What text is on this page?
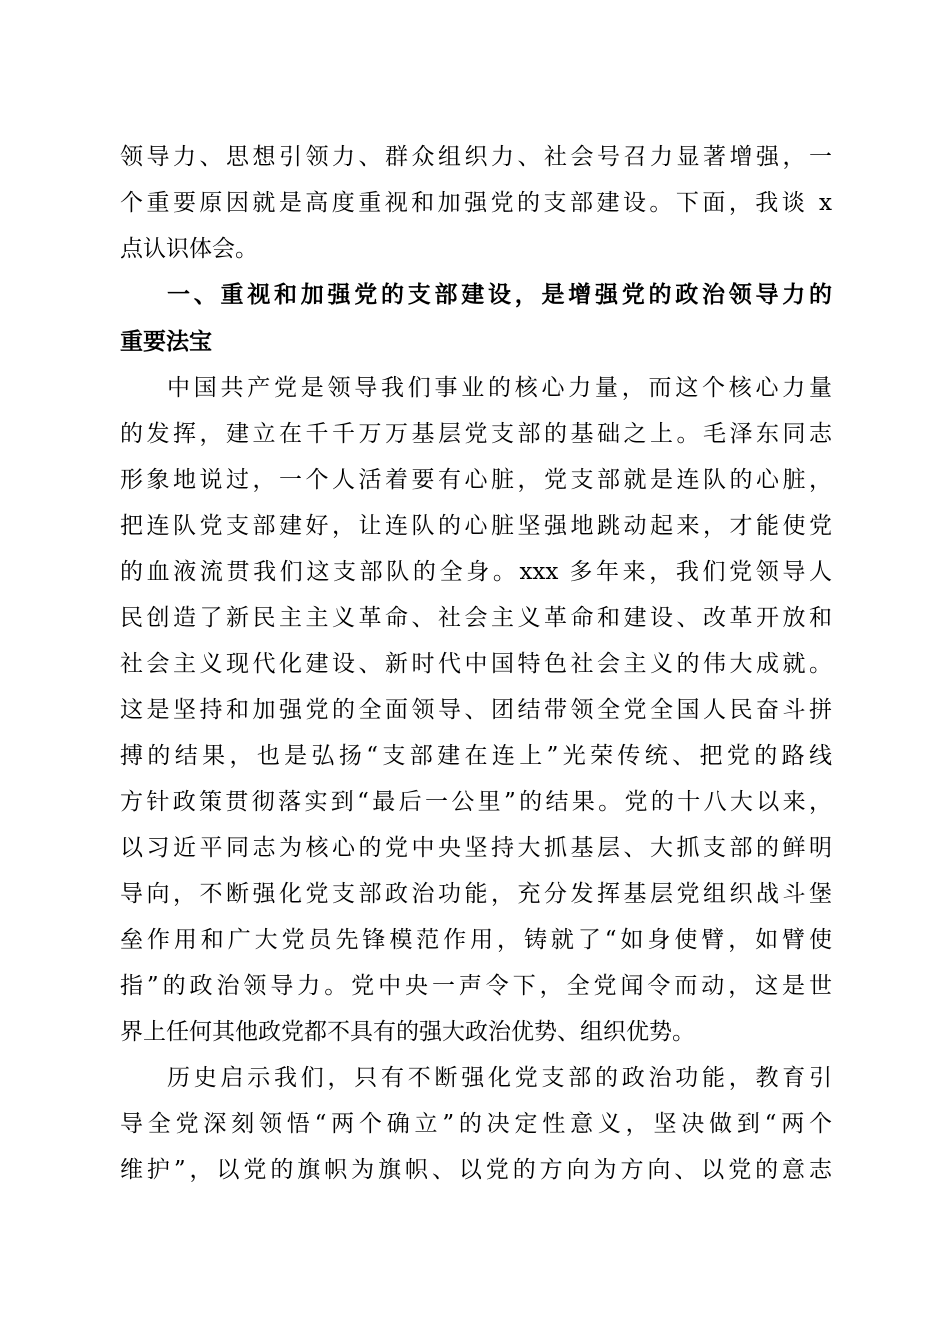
领导力、思想引领力、群众组织力、社会号召力显著增强，一
个重要原因就是高度重视和加强党的支部建设。下面，我谈 x
点认识体会。
一、重视和加强党的支部建设，是增强党的政治领导力的
重要法宝
中国共产党是领导我们事业的核心力量，而这个核心力量
的发挥，建立在千千万万基层党支部的基础之上。毛泽东同志
形象地说过，一个人活着要有心脏，党支部就是连队的心脏，
把连队党支部建好，让连队的心脏坚强地跳动起来，才能使党
的血液流贯我们这支部队的全身。xxx 多年来，我们党领导人
民创造了新民主主义革命、社会主义革命和建设、改革开放和
社会主义现代化建设、新时代中国特色社会主义的伟大成就。
这是坚持和加强党的全面领导、团结带领全党全国人民奋斗拼
搏的结果，也是弘扬“支部建在连上”光荣传统、把党的路线
方针政策贯彻落实到“最后一公里”的结果。党的十八大以来，
以习近平同志为核心的党中央坚持大抓基层、大抓支部的鲜明
导向，不断强化党支部政治功能，充分发挥基层党组织战斗堡
垒作用和广大党员先锋模范作用，铸就了“如身使臂，如臂使
指”的政治领导力。党中央一声令下，全党闻令而动，这是世
界上任何其他政党都不具有的强大政治优势、组织优势。
历史启示我们，只有不断强化党支部的政治功能，教育引
导全党深刻领悟“两个确立”的决定性意义，坚决做到“两个
维护”，以党的旗帜为旗帜、以党的方向为方向、以党的意志
